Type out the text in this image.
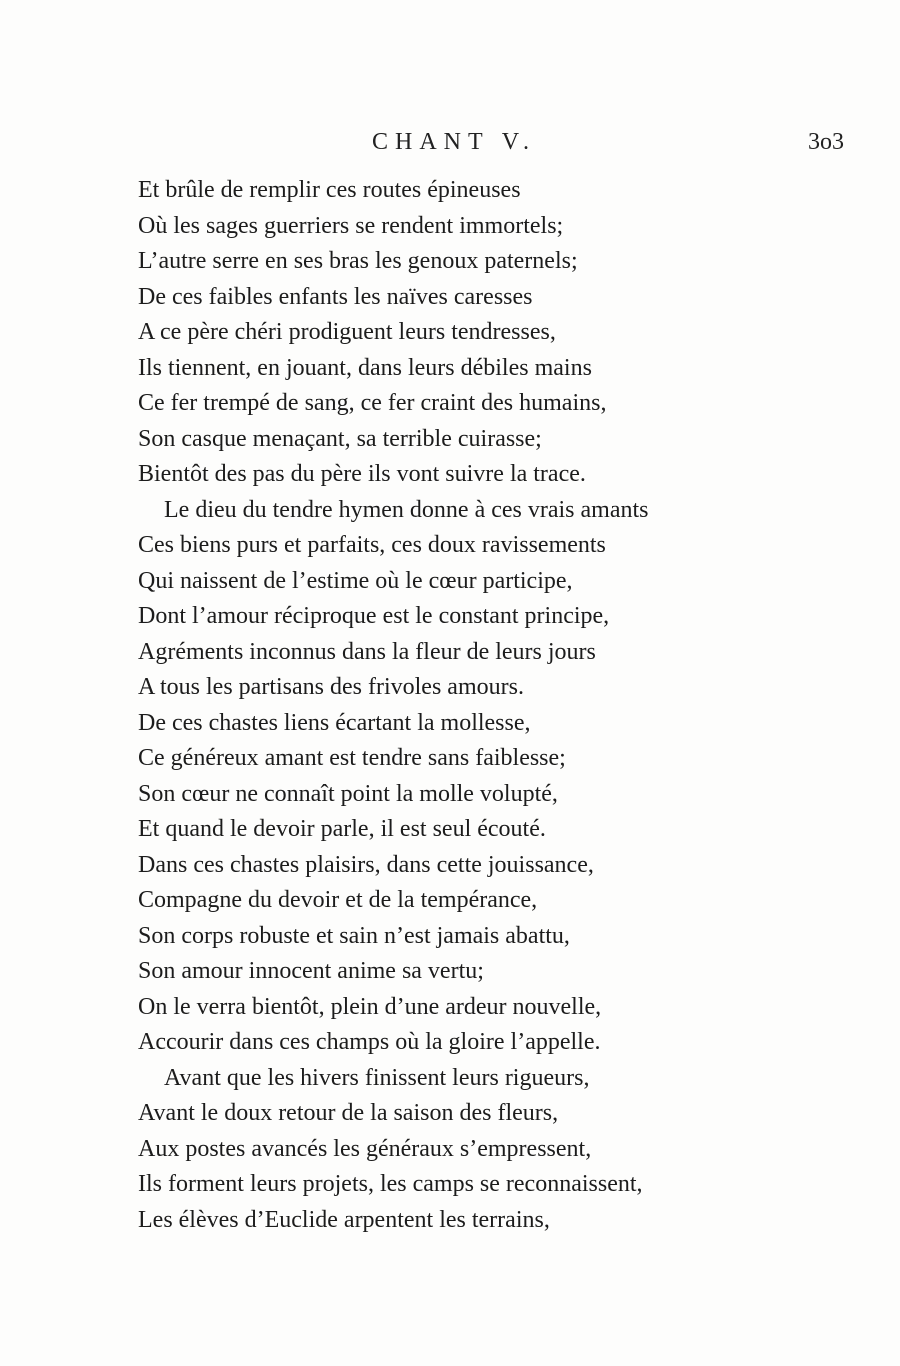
CHANT V.	3o3
Et brûle de remplir ces routes épineuses
Où les sages guerriers se rendent immortels;
L’autre serre en ses bras les genoux paternels;
De ces faibles enfants les naïves caresses
A ce père chéri prodiguent leurs tendresses,
Ils tiennent, en jouant, dans leurs débiles mains
Ce fer trempé de sang, ce fer craint des humains,
Son casque menaçant, sa terrible cuirasse;
Bientôt des pas du père ils vont suivre la trace.
Le dieu du tendre hymen donne à ces vrais amants
Ces biens purs et parfaits, ces doux ravissements
Qui naissent de l’estime où le cœur participe,
Dont l’amour réciproque est le constant principe,
Agréments inconnus dans la fleur de leurs jours
A tous les partisans des frivoles amours.
De ces chastes liens écartant la mollesse,
Ce généreux amant est tendre sans faiblesse;
Son cœur ne connaît point la molle volupté,
Et quand le devoir parle, il est seul écouté.
Dans ces chastes plaisirs, dans cette jouissance,
Compagne du devoir et de la tempérance,
Son corps robuste et sain n’est jamais abattu,
Son amour innocent anime sa vertu;
On le verra bientôt, plein d’une ardeur nouvelle,
Accourir dans ces champs où la gloire l’appelle.
Avant que les hivers finissent leurs rigueurs,
Avant le doux retour de la saison des fleurs,
Aux postes avancés les généraux s’empressent,
Ils forment leurs projets, les camps se reconnaissent,
Les élèves d’Euclide arpentent les terrains,
